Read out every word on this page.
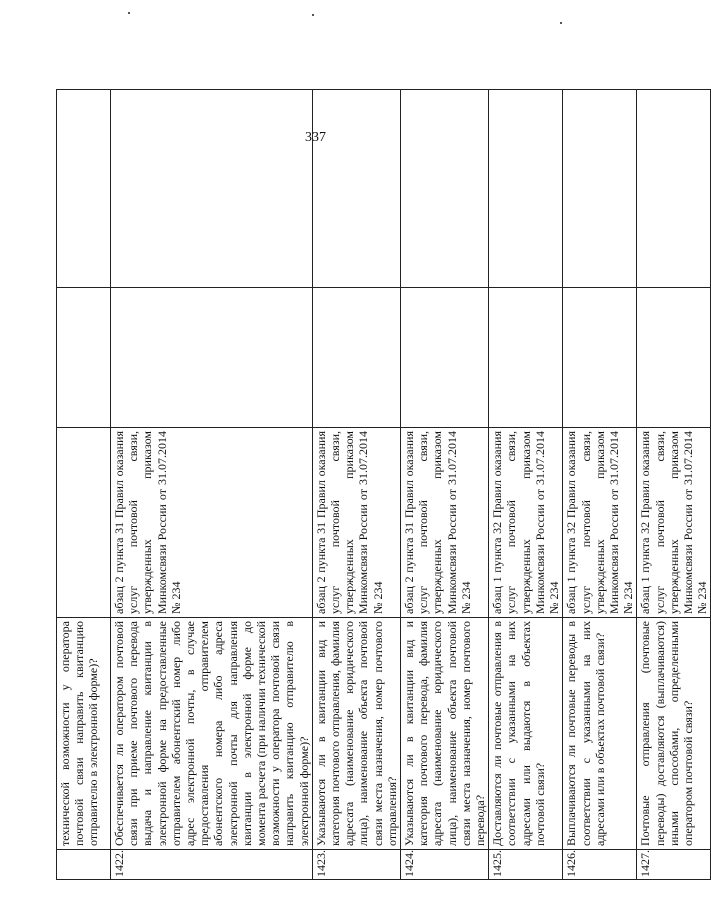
337
	технической возможности у оператора почтовой связи направить квитанцию отправителю в электронной форме)?			
1422.	Обеспечивается ли оператором почтовой связи при приеме почтового перевода выдача и направление квитанции в электронной форме на предоставленные отправителем абонентский номер либо адрес электронной почты, в случае предоставления отправителем абонентского номера либо адреса электронной почты для направления квитанции в электронной форме до момента расчета (при наличии технической возможности у оператора почтовой связи направить квитанцию отправителю в электронной форме)?	абзац 2 пункта 31 Правил оказания услуг почтовой связи, утвержденных приказом Минкомсвязи России от 31.07.2014 № 234		
1423.	Указываются ли в квитанции вид и категория почтового отправления, фамилия адресата (наименование юридического лица), наименование объекта почтовой связи места назначения, номер почтового отправления?	абзац 2 пункта 31 Правил оказания услуг почтовой связи, утвержденных приказом Минкомсвязи России от 31.07.2014 № 234		
1424.	Указываются ли в квитанции вид и категория почтового перевода, фамилия адресата (наименование юридического лица), наименование объекта почтовой связи места назначения, номер почтового перевода?	абзац 2 пункта 31 Правил оказания услуг почтовой связи, утвержденных приказом Минкомсвязи России от 31.07.2014 № 234		
1425.	Доставляются ли почтовые отправления в соответствии с указанными на них адресами или выдаются в объектах почтовой связи?	абзац 1 пункта 32 Правил оказания услуг почтовой связи, утвержденных приказом Минкомсвязи России от 31.07.2014 № 234		
1426.	Выплачиваются ли почтовые переводы в соответствии с указанными на них адресами или в объектах почтовой связи?	абзац 1 пункта 32 Правил оказания услуг почтовой связи, утвержденных приказом Минкомсвязи России от 31.07.2014 № 234		
1427.	Почтовые отправления (почтовые переводы) доставляются (выплачиваются) иными способами, определенными оператором почтовой связи?	абзац 1 пункта 32 Правил оказания услуг почтовой связи, утвержденных приказом Минкомсвязи России от 31.07.2014 № 234		
